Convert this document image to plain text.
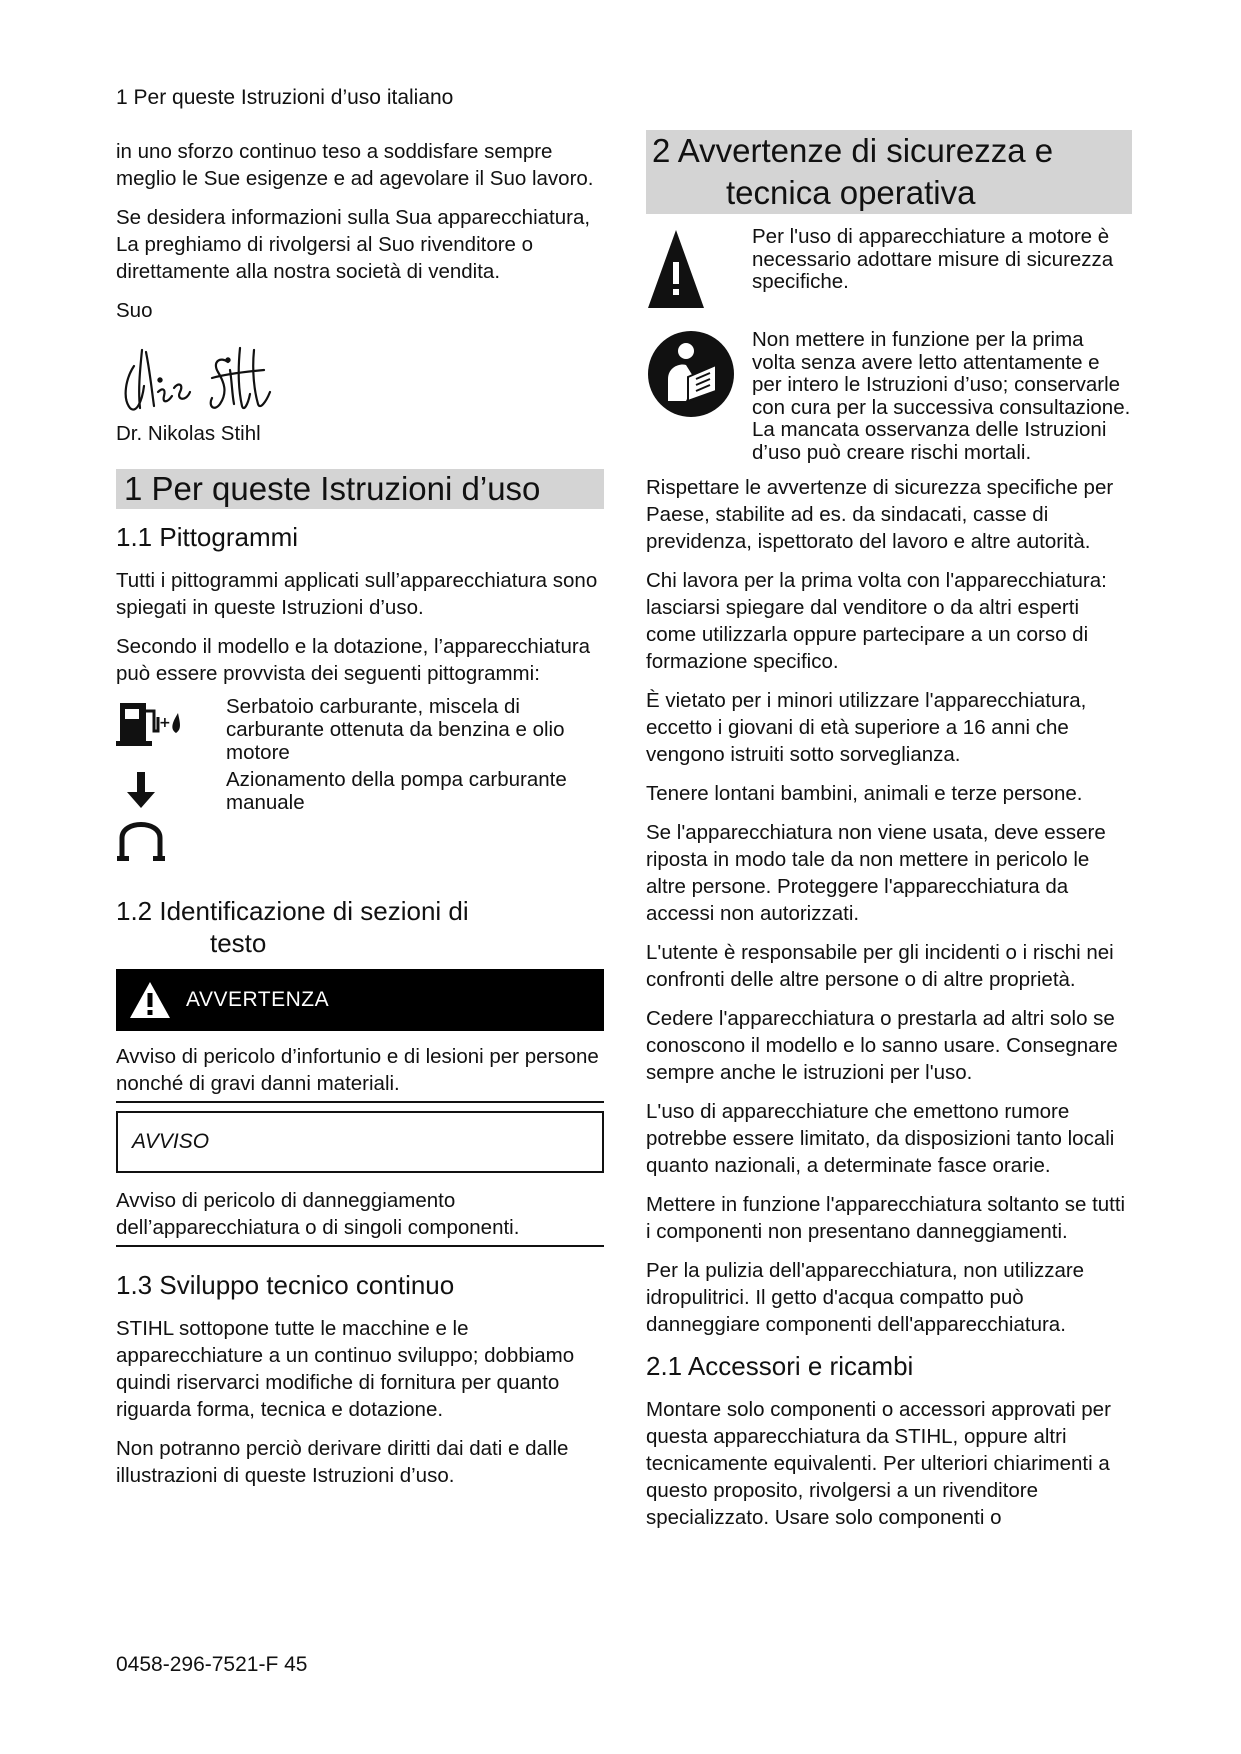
1 Per queste Istruzioni d’uso italiano

in uno sforzo continuo teso a soddisfare sempre meglio le Sue esigenze e ad agevolare il Suo lavoro.

Se desidera informazioni sulla Sua apparecchiatura, La preghiamo di rivolgersi al Suo rivenditore o direttamente alla nostra società di vendita.

Suo

Dr. Nikolas Stihl

1 Per queste Istruzioni d’uso
1.1 Pittogrammi

Tutti i pittogrammi applicati sull’apparecchiatura sono spiegati in queste Istruzioni d’uso.

Secondo il modello e la dotazione, l’apparecchiatura può essere provvista dei seguenti pittogrammi:

+
Serbatoio carburante, miscela di carburante ottenuta da benzina e olio motore
Azionamento della pompa carburante manuale
1.2 Identificazione di sezioni di
testo
AVVERTENZA

Avviso di pericolo d’infortunio e di lesioni per persone nonché di gravi danni materiali.

AVVISO

Avviso di pericolo di danneggiamento dell’apparecchiatura o di singoli componenti.

1.3 Sviluppo tecnico continuo

STIHL sottopone tutte le macchine e le apparecchiature a un continuo sviluppo; dobbiamo quindi riservarci modifiche di fornitura per quanto riguarda forma, tecnica e dotazione.

Non potranno perciò derivare diritti dai dati e dalle illustrazioni di queste Istruzioni d’uso.

2 Avvertenze di sicurezza e
tecnica operativa
Per l'uso di apparecchiature a motore è necessario adottare misure di sicurezza specifiche.
Non mettere in funzione per la prima volta senza avere letto attentamente e per intero le Istruzioni d’uso; conservarle con cura per la successiva consultazione. La mancata osservanza delle Istruzioni d’uso può creare rischi mortali.

Rispettare le avvertenze di sicurezza specifiche per Paese, stabilite ad es. da sindacati, casse di previdenza, ispettorato del lavoro e altre autorità.

Chi lavora per la prima volta con l'apparecchiatura: lasciarsi spiegare dal venditore o da altri esperti come utilizzarla oppure partecipare a un corso di formazione specifico.

È vietato per i minori utilizzare l'apparecchiatura, eccetto i giovani di età superiore a 16 anni che vengono istruiti sotto sorveglianza.

Tenere lontani bambini, animali e terze persone.

Se l'apparecchiatura non viene usata, deve essere riposta in modo tale da non mettere in pericolo le altre persone. Proteggere l'apparecchiatura da accessi non autorizzati.

L'utente è responsabile per gli incidenti o i rischi nei confronti delle altre persone o di altre proprietà.

Cedere l'apparecchiatura o prestarla ad altri solo se conoscono il modello e lo sanno usare. Consegnare sempre anche le istruzioni per l'uso.

L'uso di apparecchiature che emettono rumore potrebbe essere limitato, da disposizioni tanto locali quanto nazionali, a determinate fasce orarie.

Mettere in funzione l'apparecchiatura soltanto se tutti i componenti non presentano danneggiamenti.

Per la pulizia dell'apparecchiatura, non utilizzare idropulitrici. Il getto d'acqua compatto può danneggiare componenti dell'apparecchiatura.

2.1 Accessori e ricambi

Montare solo componenti o accessori approvati per questa apparecchiatura da STIHL, oppure altri tecnicamente equivalenti. Per ulteriori chiarimenti a questo proposito, rivolgersi a un rivenditore specializzato. Usare solo componenti o

0458-296-7521-F 45
